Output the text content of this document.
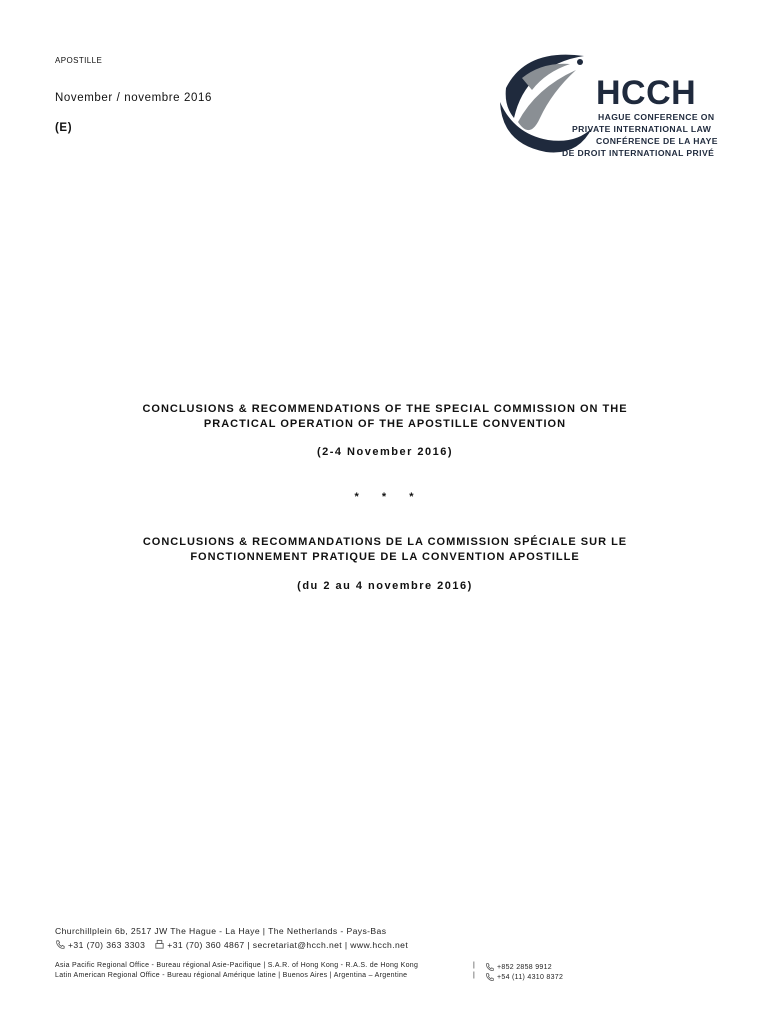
APOSTILLE
November / novembre 2016
(E)
HCCH
HAGUE CONFERENCE ON
PRIVATE INTERNATIONAL LAW
CONFÉRENCE DE LA HAYE
DE DROIT INTERNATIONAL PRIVÉ
CONCLUSIONS & RECOMMENDATIONS OF THE SPECIAL COMMISSION ON THE
PRACTICAL OPERATION OF THE APOSTILLE CONVENTION
(2-4 November 2016)
* * *
CONCLUSIONS & RECOMMANDATIONS DE LA COMMISSION SPÉCIALE SUR LE
FONCTIONNEMENT PRATIQUE DE LA CONVENTION APOSTILLE
(du 2 au 4 novembre 2016)
Churchillplein 6b, 2517 JW The Hague - La Haye | The Netherlands - Pays-Bas
+31 (70) 363 3303	+31 (70) 360 4867 | secretariat@hcch.net | www.hcch.net
Asia Pacific Regional Office - Bureau régional Asie-Pacifique | S.A.R. of Hong Kong - R.A.S. de Hong Kong	|	+852 2858 9912
Latin American Regional Office - Bureau régional Amérique latine | Buenos Aires | Argentina – Argentine	|	+54 (11) 4310 8372
